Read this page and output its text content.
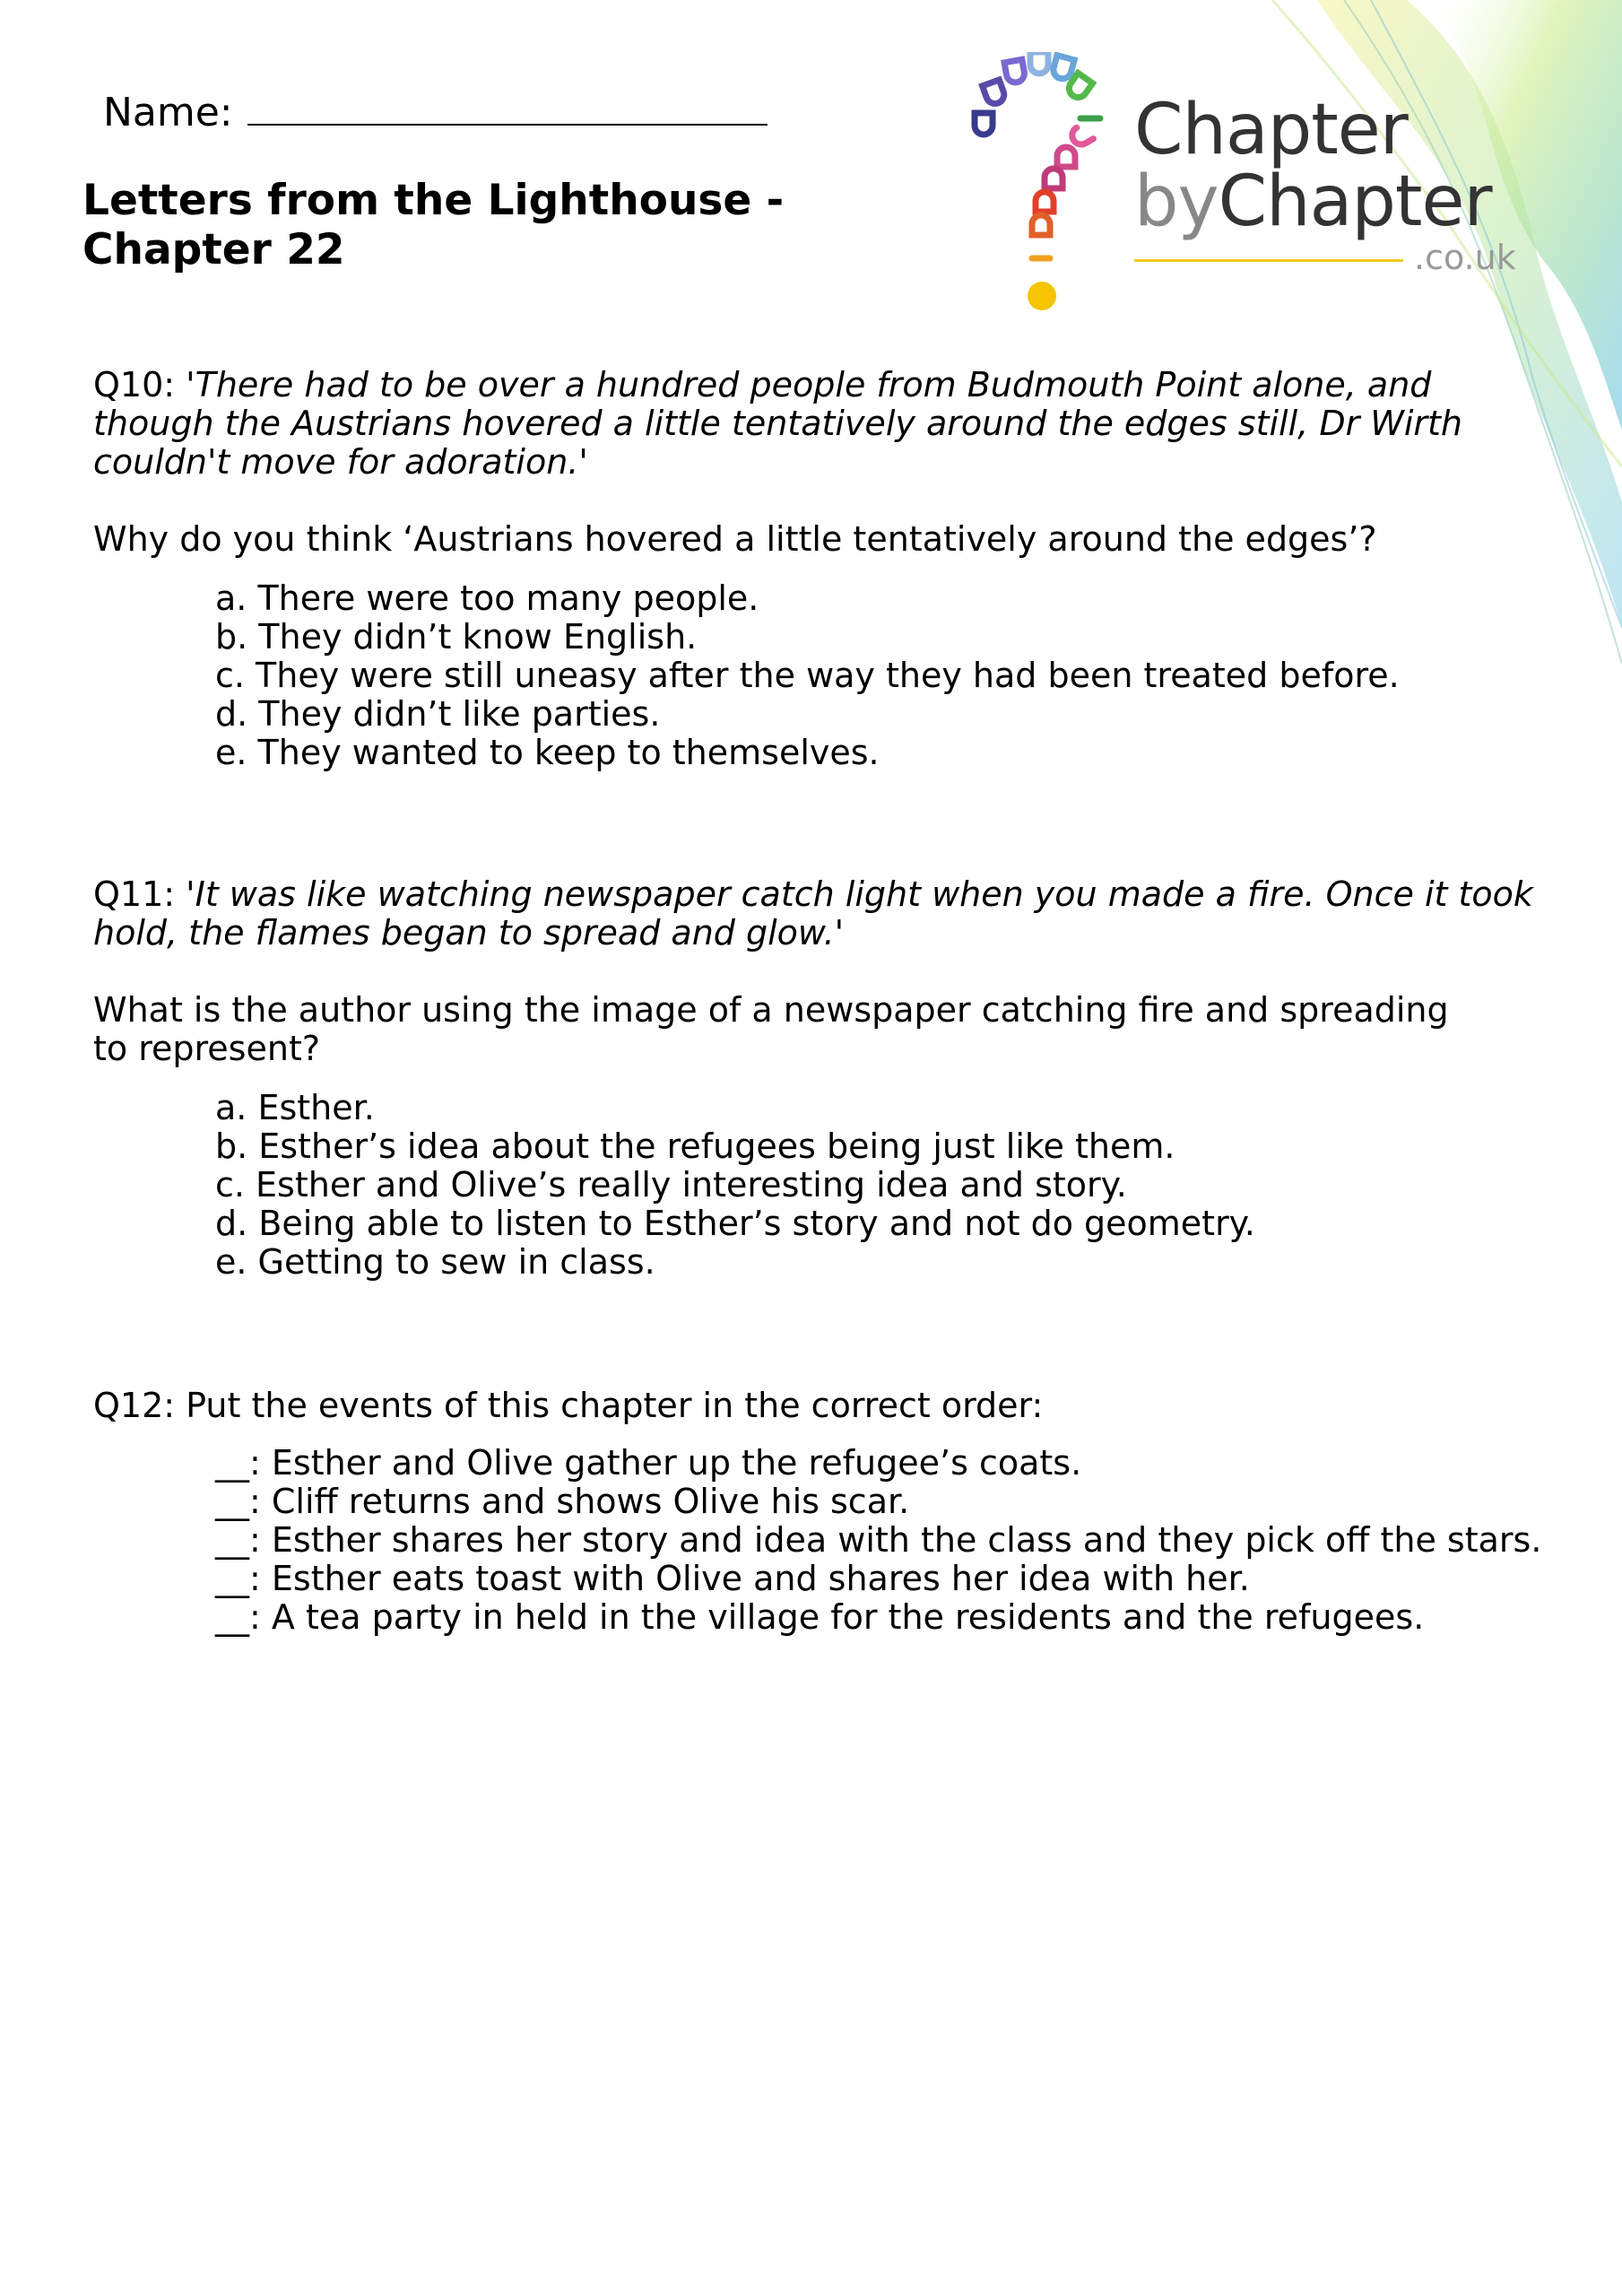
Name:
Letters from the Lighthouse -
Chapter 22
Chapter
byChapter
.co.uk
Q10: 'There had to be over a hundred people from Budmouth Point alone, and though the Austrians hovered a little tentatively around the edges still, Dr Wirth couldn't move for adoration.'
Why do you think ‘Austrians hovered a little tentatively around the edges’?
a. There were too many people.
b. They didn’t know English.
c. They were still uneasy after the way they had been treated before.
d. They didn’t like parties.
e. They wanted to keep to themselves.
Q11: 'It was like watching newspaper catch light when you made a fire. Once it took hold, the flames began to spread and glow.'
What is the author using the image of a newspaper catching fire and spreading to represent?
a. Esther.
b. Esther’s idea about the refugees being just like them.
c. Esther and Olive’s really interesting idea and story.
d. Being able to listen to Esther’s story and not do geometry.
e. Getting to sew in class.
Q12: Put the events of this chapter in the correct order:
__: Esther and Olive gather up the refugee’s coats.
__: Cliff returns and shows Olive his scar.
__: Esther shares her story and idea with the class and they pick off the stars.
__: Esther eats toast with Olive and shares her idea with her.
__: A tea party in held in the village for the residents and the refugees.
